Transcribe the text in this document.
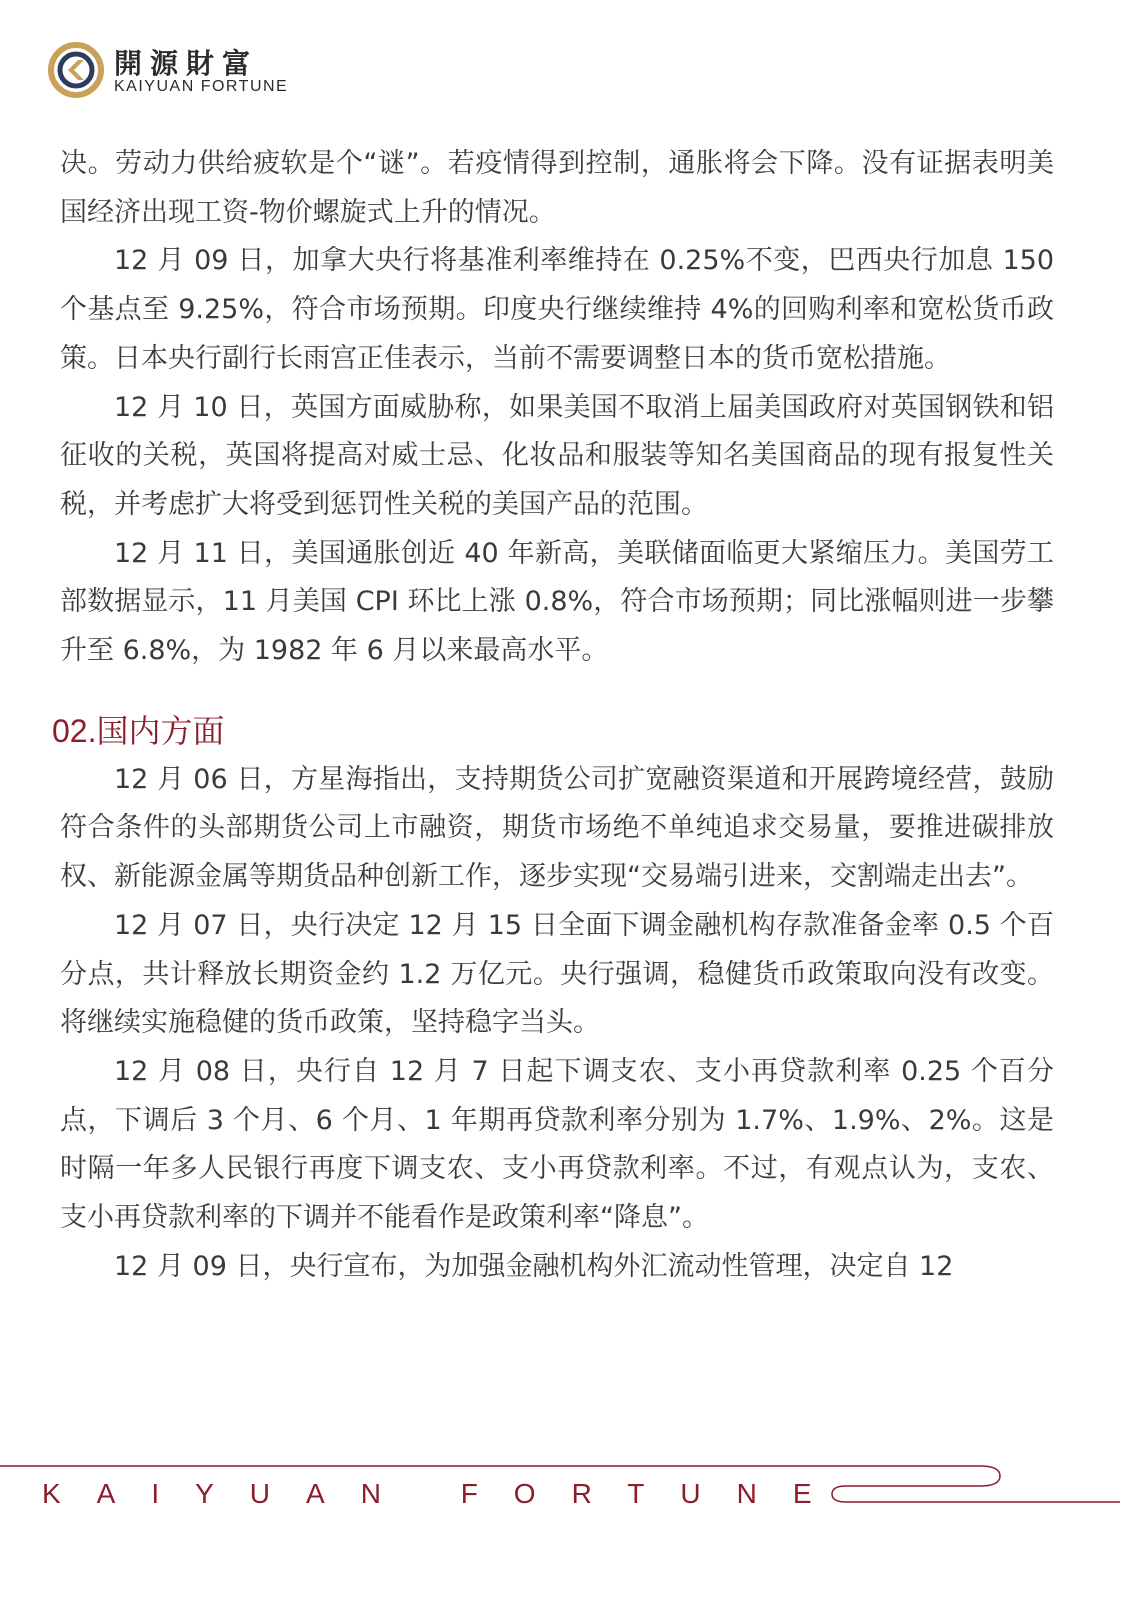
開源財富
KAIYUAN FORTUNE

决。劳动力供给疲软是个“谜”。若疫情得到控制，通胀将会下降。没有证据表明美国经济出现工资-物价螺旋式上升的情况。

12 月 09 日，加拿大央行将基准利率维持在 0.25%不变，巴西央行加息 150 个基点至 9.25%，符合市场预期。印度央行继续维持 4%的回购利率和宽松货币政策。日本央行副行长雨宫正佳表示，当前不需要调整日本的货币宽松措施。

12 月 10 日，英国方面威胁称，如果美国不取消上届美国政府对英国钢铁和铝征收的关税，英国将提高对威士忌、化妆品和服装等知名美国商品的现有报复性关税，并考虑扩大将受到惩罚性关税的美国产品的范围。

12 月 11 日，美国通胀创近 40 年新高，美联储面临更大紧缩压力。美国劳工部数据显示，11 月美国 CPI 环比上涨 0.8%，符合市场预期；同比涨幅则进一步攀升至 6.8%，为 1982 年 6 月以来最高水平。

02.国内方面

12 月 06 日，方星海指出，支持期货公司扩宽融资渠道和开展跨境经营，鼓励符合条件的头部期货公司上市融资，期货市场绝不单纯追求交易量，要推进碳排放权、新能源金属等期货品种创新工作，逐步实现“交易端引进来，交割端走出去”。

12 月 07 日，央行决定 12 月 15 日全面下调金融机构存款准备金率 0.5 个百分点，共计释放长期资金约 1.2 万亿元。央行强调，稳健货币政策取向没有改变。将继续实施稳健的货币政策，坚持稳字当头。

12 月 08 日，央行自 12 月 7 日起下调支农、支小再贷款利率 0.25 个百分点，下调后 3 个月、6 个月、1 年期再贷款利率分别为 1.7%、1.9%、2%。这是时隔一年多人民银行再度下调支农、支小再贷款利率。不过，有观点认为，支农、支小再贷款利率的下调并不能看作是政策利率“降息”。

12 月 09 日，央行宣布，为加强金融机构外汇流动性管理，决定自 12

KAIYUAN FORTUNE
